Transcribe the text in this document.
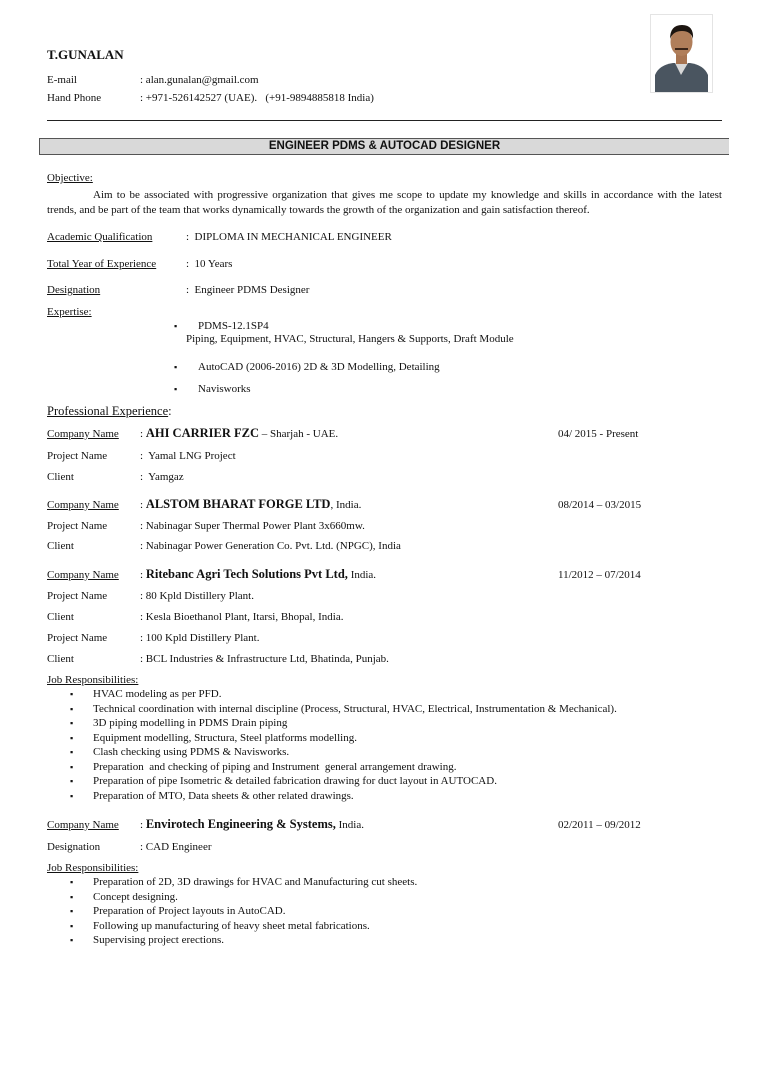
T.GUNALAN
E-mail	: alan.gunalan@gmail.com
Hand Phone	: +971-526142527 (UAE).   (+91-9894885818 India)
ENGINEER PDMS & AUTOCAD DESIGNER
Objective:
Aim to be associated with progressive organization that gives me scope to update my knowledge and skills in accordance with the latest trends, and be part of the team that works dynamically towards the growth of the organization and gain satisfaction thereof.
Academic Qualification	:  DIPLOMA IN MECHANICAL ENGINEER
Total Year of Experience	:  10 Years
Designation	:  Engineer PDMS Designer
Expertise:
▪ PDMS-12.1SP4
Piping, Equipment, HVAC, Structural, Hangers & Supports, Draft Module
▪ AutoCAD (2006-2016) 2D & 3D Modelling, Detailing
▪ Navisworks
Professional Experience:
Company Name : AHI CARRIER FZC – Sharjah - UAE.	04/ 2015 - Present
Project Name	:  Yamal LNG Project
Client	:  Yamgaz
Company Name : ALSTOM BHARAT FORGE LTD, India.	08/2014 – 03/2015
Project Name	: Nabinagar Super Thermal Power Plant 3x660mw.
Client	: Nabinagar Power Generation Co. Pvt. Ltd. (NPGC), India
Company Name : Ritebanc Agri Tech Solutions Pvt Ltd, India.	11/2012 – 07/2014
Project Name	: 80 Kpld Distillery Plant.
Client	: Kesla Bioethanol Plant, Itarsi, Bhopal, India.
Project Name	: 100 Kpld Distillery Plant.
Client	: BCL Industries & Infrastructure Ltd, Bhatinda, Punjab.
Job Responsibilities:
▪ HVAC modeling as per PFD.
▪ Technical coordination with internal discipline (Process, Structural, HVAC, Electrical, Instrumentation & Mechanical).
▪ 3D piping modelling in PDMS Drain piping
▪ Equipment modelling, Structura, Steel platforms modelling.
▪ Clash checking using PDMS & Navisworks.
▪ Preparation  and checking of piping and Instrument  general arrangement drawing.
▪ Preparation of pipe Isometric & detailed fabrication drawing for duct layout in AUTOCAD.
▪ Preparation of MTO, Data sheets & other related drawings.
Company Name : Envirotech Engineering & Systems, India.	02/2011 – 09/2012
Designation	: CAD Engineer
Job Responsibilities:
▪ Preparation of 2D, 3D drawings for HVAC and Manufacturing cut sheets.
▪ Concept designing.
▪ Preparation of Project layouts in AutoCAD.
▪ Following up manufacturing of heavy sheet metal fabrications.
▪ Supervising project erections.
